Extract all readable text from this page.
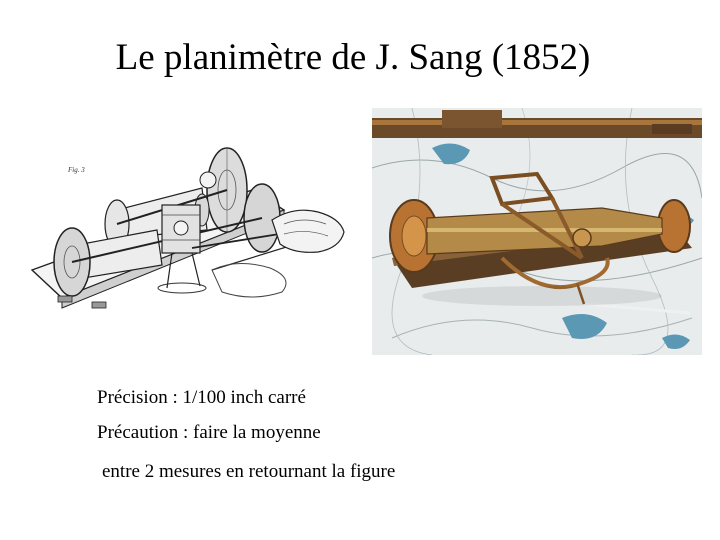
Le planimètre de J. Sang (1852)
Fig. 3
Précision : 1/100 inch carré
Précaution : faire la moyenne
entre 2 mesures en retournant la figure
